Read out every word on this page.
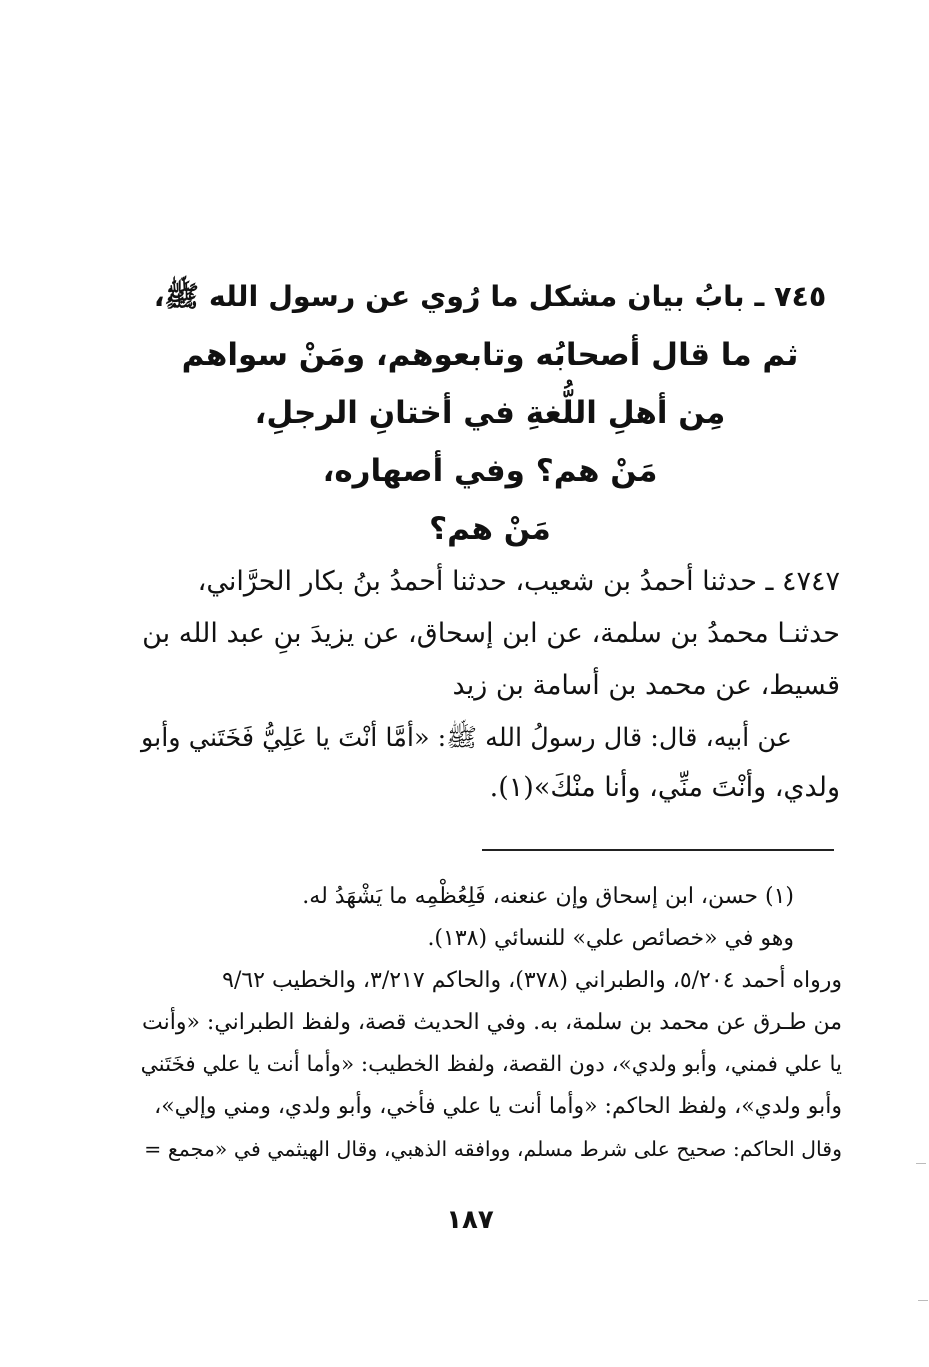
٧٤٥ ـ بابُ بيان مشكل ما رُوي عن رسول الله ﷺ،
ثم ما قال أصحابُه وتابعوهم، ومَنْ سواهم
مِن أهلِ اللُّغةِ في أختانِ الرجلِ،
مَنْ هم؟ وفي أصهاره،
مَنْ هم؟
٤٧٤٧ ـ حدثنا أحمدُ بن شعيب، حدثنا أحمدُ بنُ بكار الحرَّاني،
حدثنـا محمدُ بن سلمة، عن ابن إسحاق، عن يزيدَ بنِ عبد الله بن
قسيط، عن محمد بن أسامة بن زيد
عن أبيه، قال: قال رسولُ الله ﷺ: «أمَّا أنْتَ يا عَلِيُّ فَخَتَني وأبو
ولدي، وأنْتَ منِّي، وأنا منْكَ»(١).
(١) حسن، ابن إسحاق وإن عنعنه، فَلِعُظْمِه ما يَشْهَدُ له.
وهو في «خصائص علي» للنسائي (١٣٨).
ورواه أحمد ٥/٢٠٤، والطبراني (٣٧٨)، والحاكم ٣/٢١٧، والخطيب ٩/٦٢
من طـرق عن محمد بن سلمة، به. وفي الحديث قصة، ولفظ الطبراني: «وأنت
يا علي فمني، وأبو ولدي»، دون القصة، ولفظ الخطيب: «وأما أنت يا علي فخَتَني
وأبو ولدي»، ولفظ الحاكم: «وأما أنت يا علي فأخي، وأبو ولدي، ومني وإلي»،
وقال الحاكم: صحيح على شرط مسلم، ووافقه الذهبي، وقال الهيثمي في «مجمع =
١٨٧
